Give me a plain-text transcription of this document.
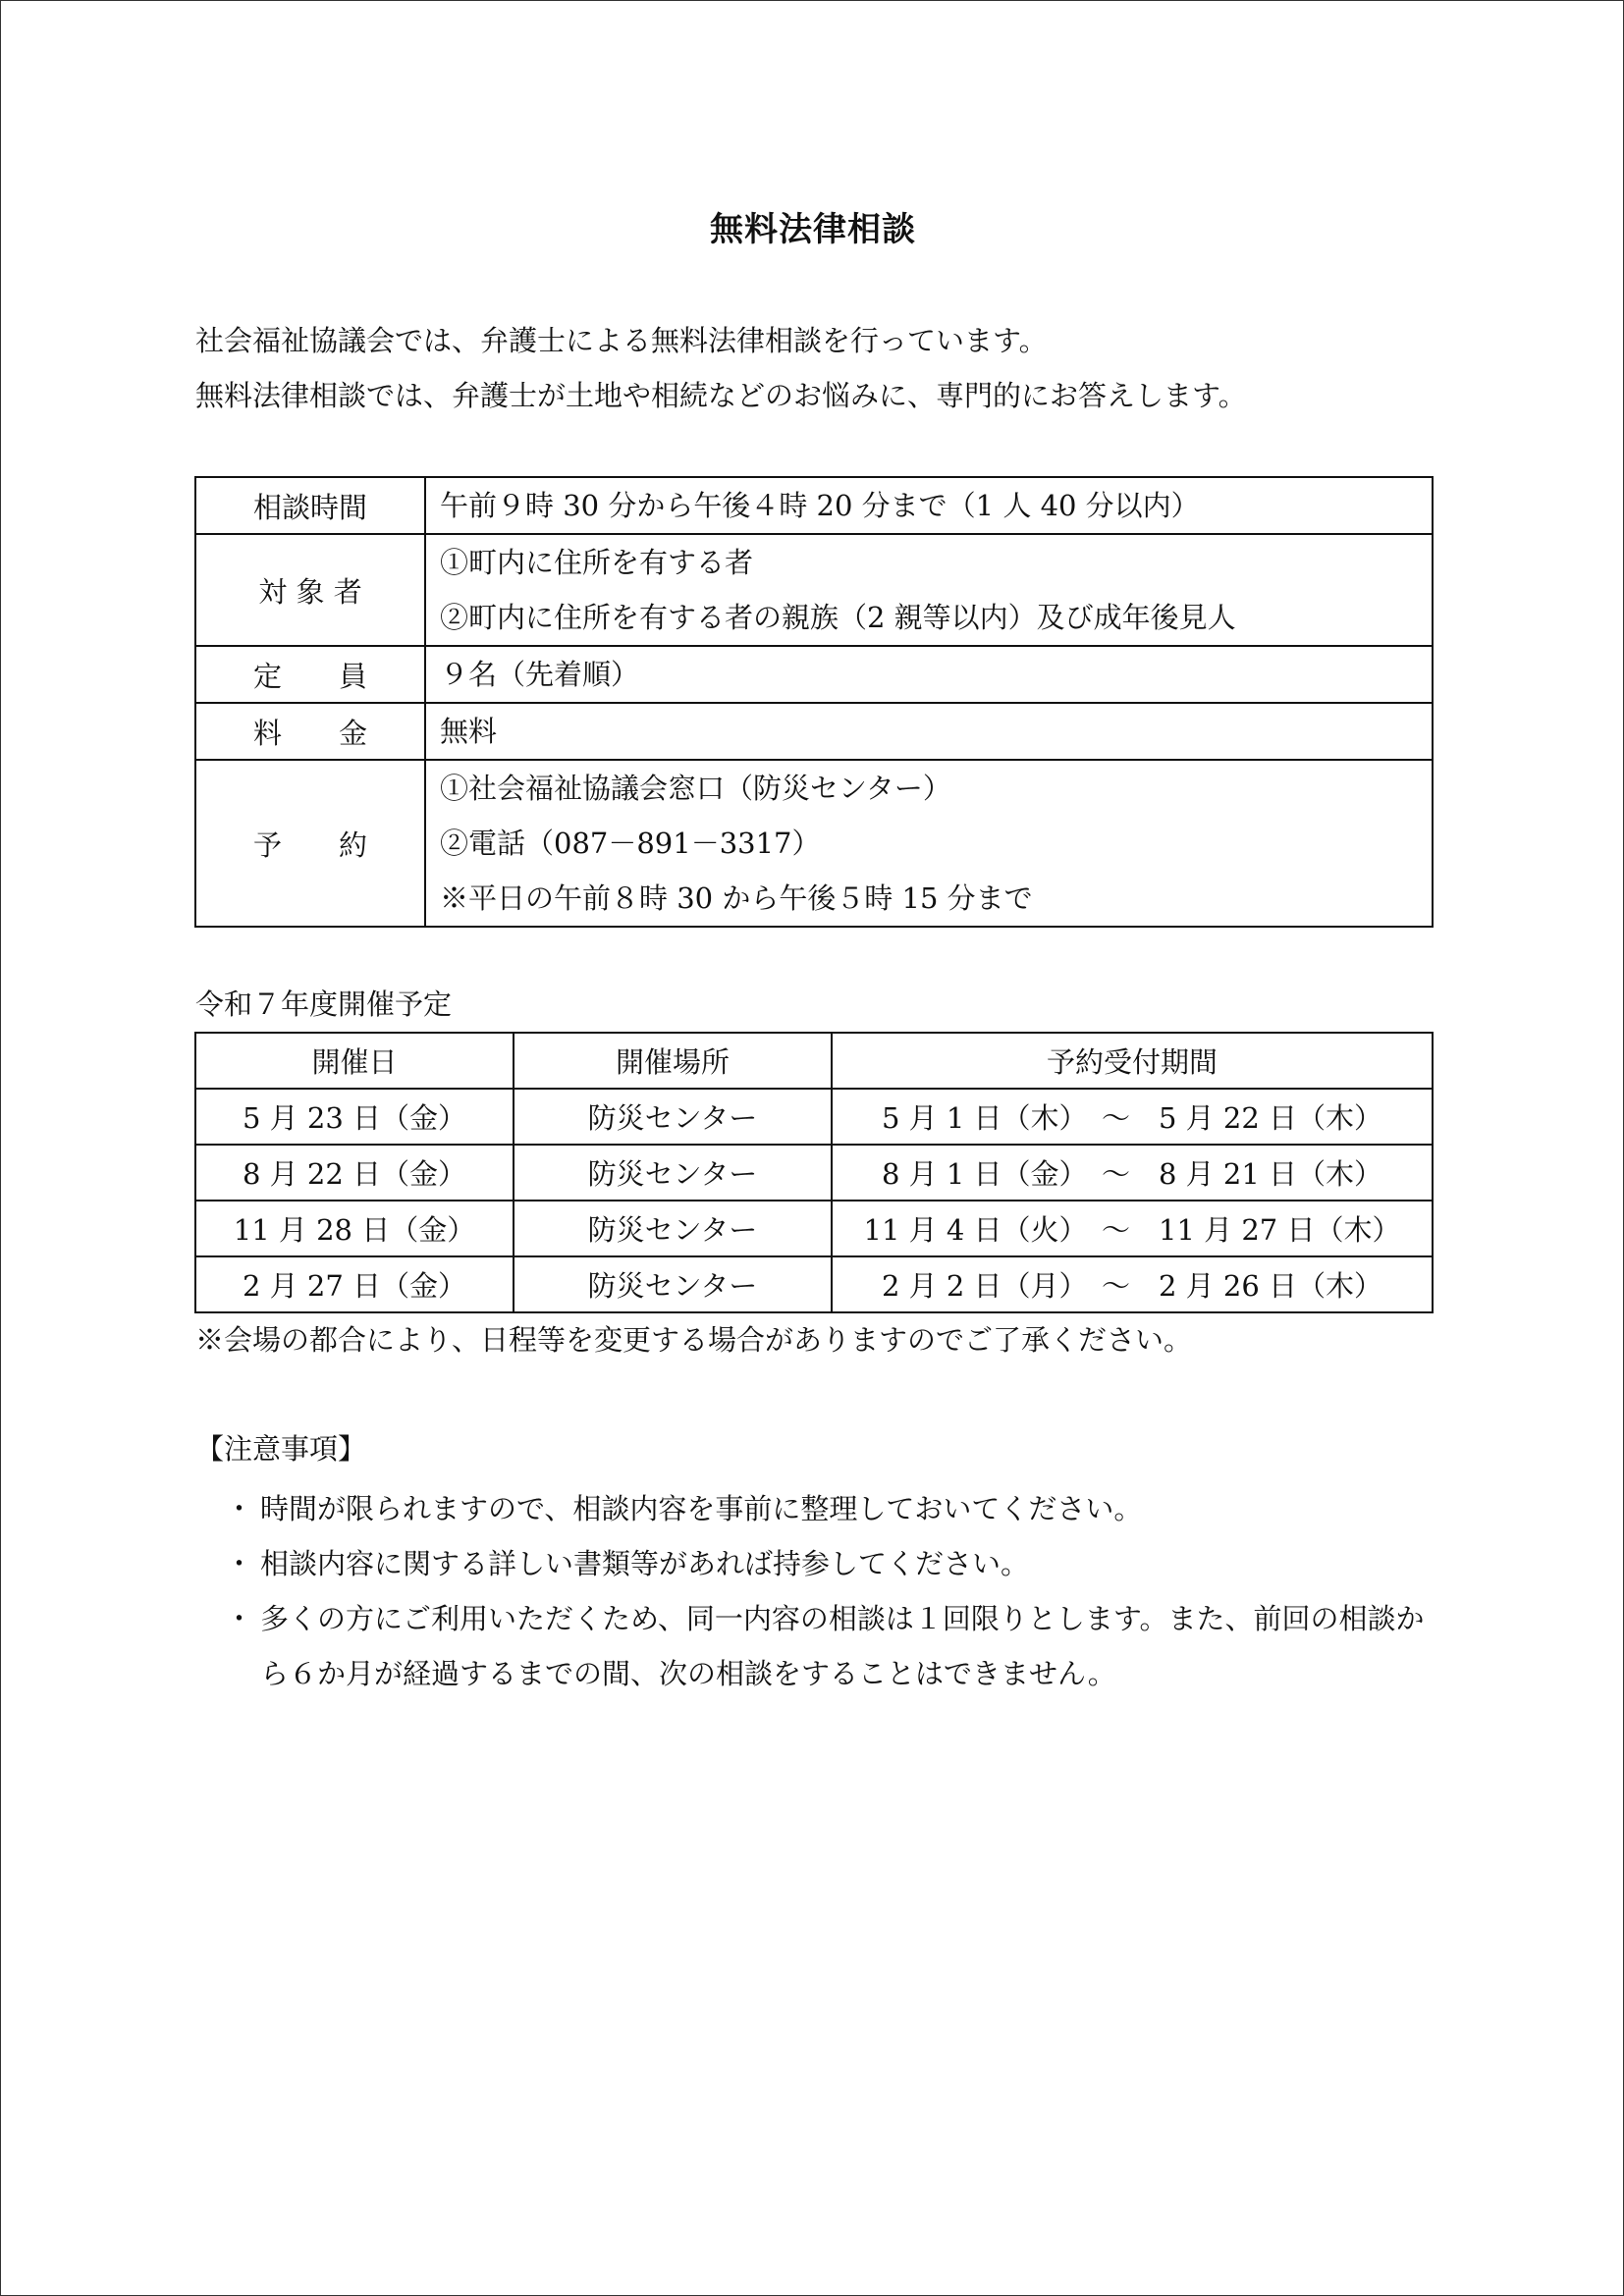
無料法律相談
社会福祉協議会では、弁護士による無料法律相談を行っています。
無料法律相談では、弁護士が土地や相続などのお悩みに、専門的にお答えします。
相談時間	午前９時 30 分から午後４時 20 分まで（1 人 40 分以内）

対 象 者	①町内に住所を有する者
②町内に住所を有する者の親族（2 親等以内）及び成年後見人

定　　員	９名（先着順）

料　　金	無料

予　　約	①社会福祉協議会窓口（防災センター）
②電話（087－891－3317）
※平日の午前８時 30 から午後５時 15 分まで
令和７年度開催予定
開催日	開催場所	予約受付期間
5 月 23 日（金）	防災センター	5 月 1 日（木）　～　5 月 22 日（木）
8 月 22 日（金）	防災センター	8 月 1 日（金）　～　8 月 21 日（木）
11 月 28 日（金）	防災センター	11 月 4 日（火）　～　11 月 27 日（木）
2 月 27 日（金）	防災センター	2 月 2 日（月）　～　2 月 26 日（木）
※会場の都合により、日程等を変更する場合がありますのでご了承ください。
【注意事項】
・ 時間が限られますので、相談内容を事前に整理しておいてください。
・ 相談内容に関する詳しい書類等があれば持参してください。
・ 多くの方にご利用いただくため、同一内容の相談は１回限りとします。また、前回の相談から６か月が経過するまでの間、次の相談をすることはできません。
